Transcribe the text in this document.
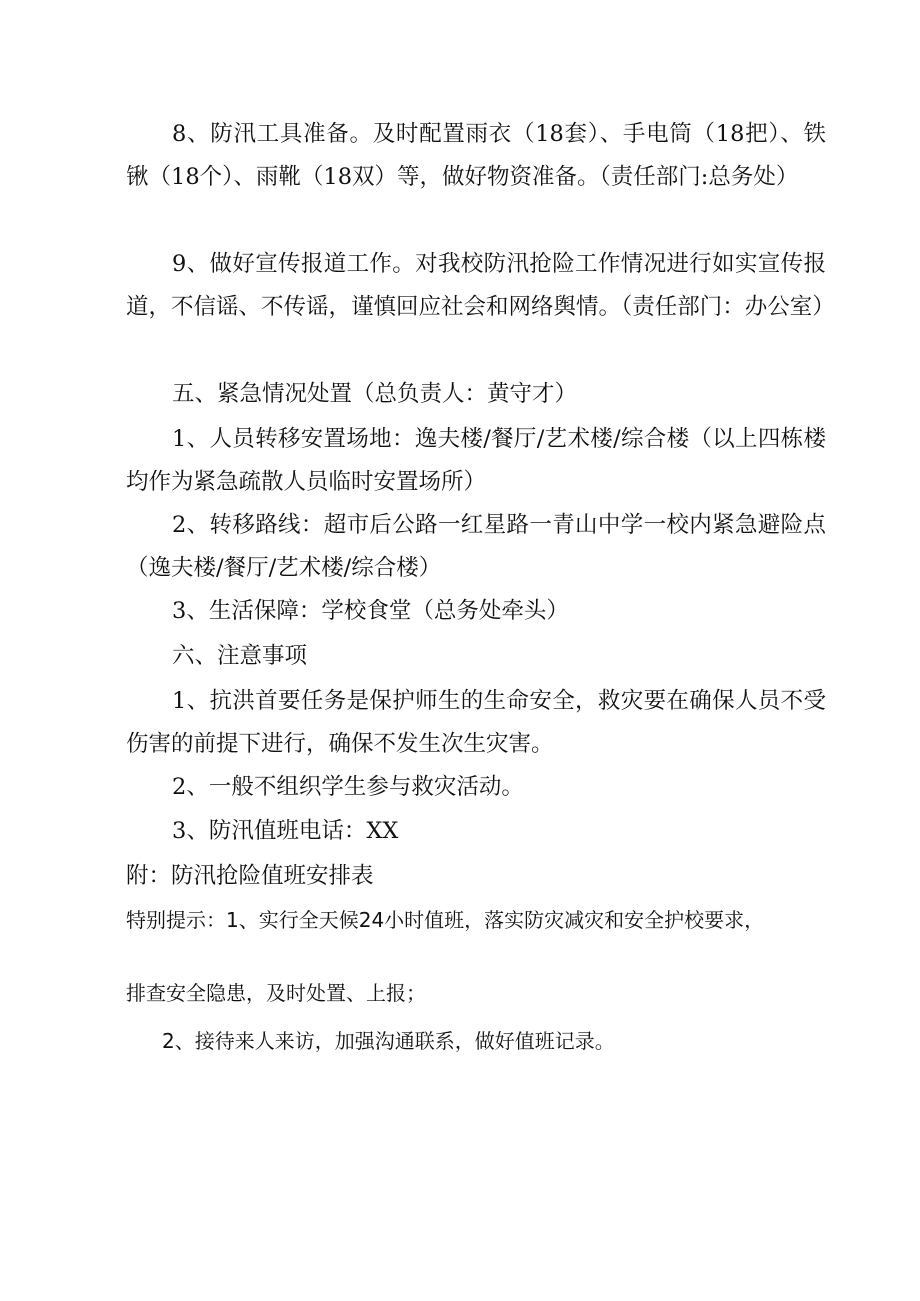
8、防汛工具准备。及时配置雨衣（18套）、手电筒（18把）、铁锹（18个）、雨靴（18双）等，做好物资准备。（责任部门:总务处）

9、做好宣传报道工作。对我校防汛抢险工作情况进行如实宣传报道，不信谣、不传谣，谨慎回应社会和网络舆情。（责任部门：办公室）

五、紧急情况处置（总负责人：黄守才）

1、人员转移安置场地：逸夫楼/餐厅/艺术楼/综合楼（以上四栋楼均作为紧急疏散人员临时安置场所）

2、转移路线：超市后公路一红星路一青山中学一校内紧急避险点（逸夫楼/餐厅/艺术楼/综合楼）

3、生活保障：学校食堂（总务处牵头）

六、注意事项

1、抗洪首要任务是保护师生的生命安全，救灾要在确保人员不受伤害的前提下进行，确保不发生次生灾害。

2、一般不组织学生参与救灾活动。

3、防汛值班电话：XX

附：防汛抢险值班安排表

特别提示：1、实行全天候24小时值班，落实防灾减灾和安全护校要求，

排查安全隐患，及时处置、上报；

2、接待来人来访，加强沟通联系，做好值班记录。
